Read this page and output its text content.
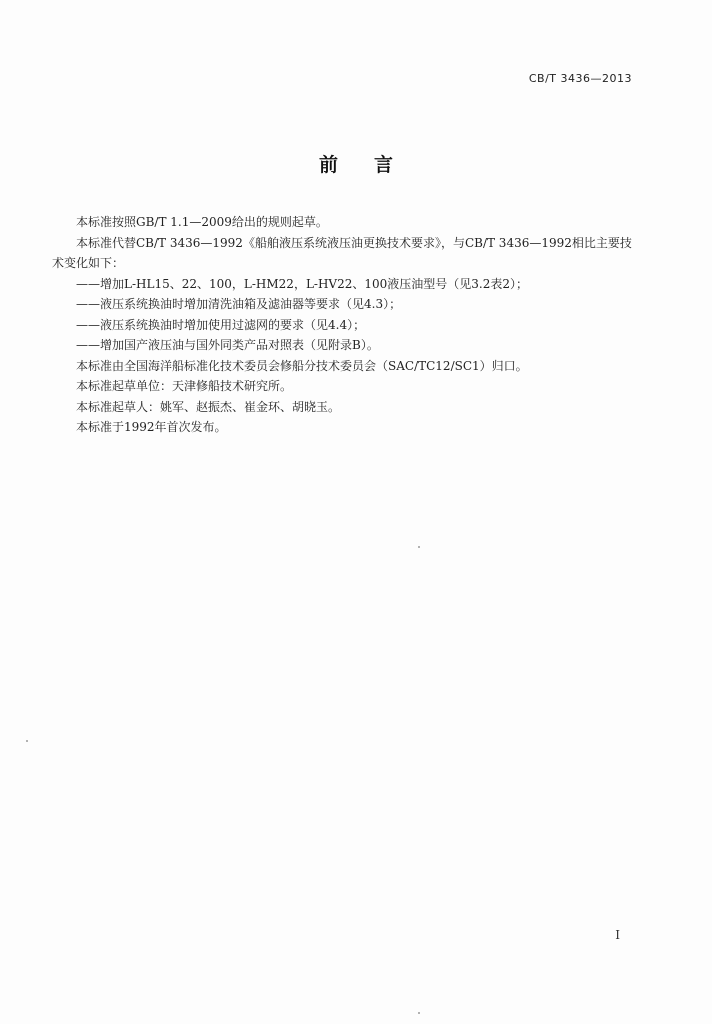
CB/T 3436—2013
前言

本标准按照GB/T 1.1—2009给出的规则起草。

本标准代替CB/T 3436—1992《船舶液压系统液压油更换技术要求》，与CB/T 3436—1992相比主要技术变化如下：

——增加L-HL15、22、100，L-HM22，L-HV22、100液压油型号（见3.2表2）；

——液压系统换油时增加清洗油箱及滤油器等要求（见4.3）；

——液压系统换油时增加使用过滤网的要求（见4.4）；

——增加国产液压油与国外同类产品对照表（见附录B）。

本标准由全国海洋船标准化技术委员会修船分技术委员会（SAC/TC12/SC1）归口。

本标准起草单位：天津修船技术研究所。

本标准起草人：姚军、赵振杰、崔金环、胡晓玉。

本标准于1992年首次发布。

I
